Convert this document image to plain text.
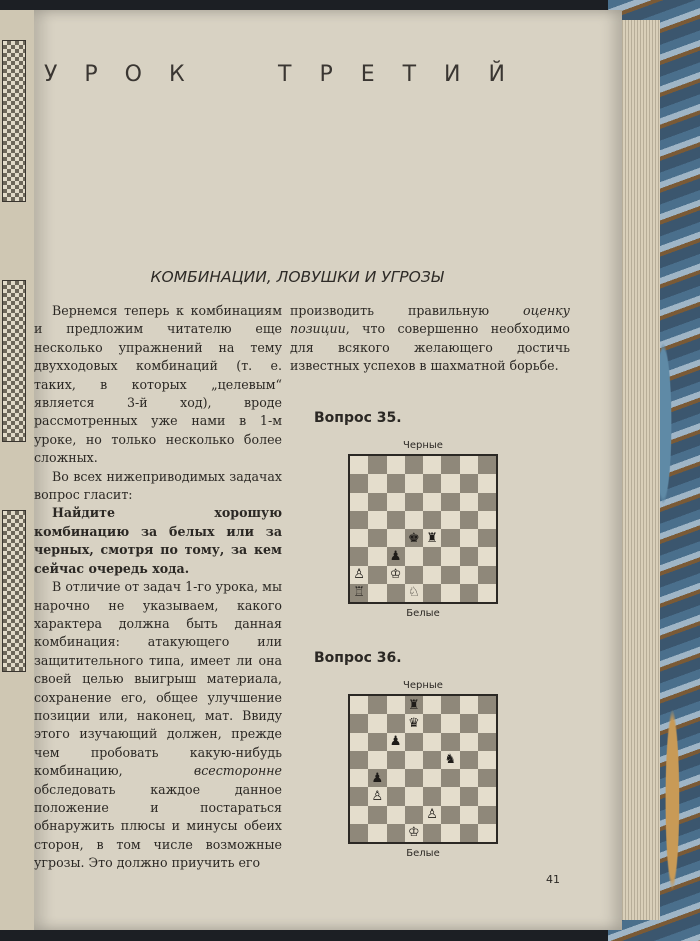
УРОК	ТРЕТИЙ
КОМБИНАЦИИ, ЛОВУШКИ И УГРОЗЫ

Вернемся теперь к комбинациям и предложим читателю еще несколько упражнений на тему двухходовых комбинаций (т. е. таких, в которых „целевым“ является 3-й ход), вроде рассмотренных уже нами в 1-м уроке, но только несколько более сложных.

Во всех нижеприводимых задачах вопрос гласит:

Найдите хорошую комбинацию за белых или за черных, смотря по тому, за кем сейчас очередь хода.

В отличие от задач 1-го урока, мы нарочно не указываем, какого характера должна быть данная комбинация: атакующего или защитительного типа, имеет ли она своей целью выигрыш материала, сохранение его, общее улучшение позиции или, наконец, мат. Ввиду этого изучающий должен, прежде чем пробовать какую-нибудь комбинацию, всесторонне обследовать каждое данное положение и постараться обнаружить плюсы и минусы обеих сторон, в том числе возможные угрозы. Это должно приучить его

производить правильную оценку позиции, что совершенно необходимо для всякого желающего достичь известных успехов в шахматной борьбе.

Вопрос 35.
Черные
♚ ♜
♟
♙ ♔
♖	♘
Белые
Вопрос 36.
Черные
♜
♛
♟
♞
♟
♙
♙
♔
Белые
41
